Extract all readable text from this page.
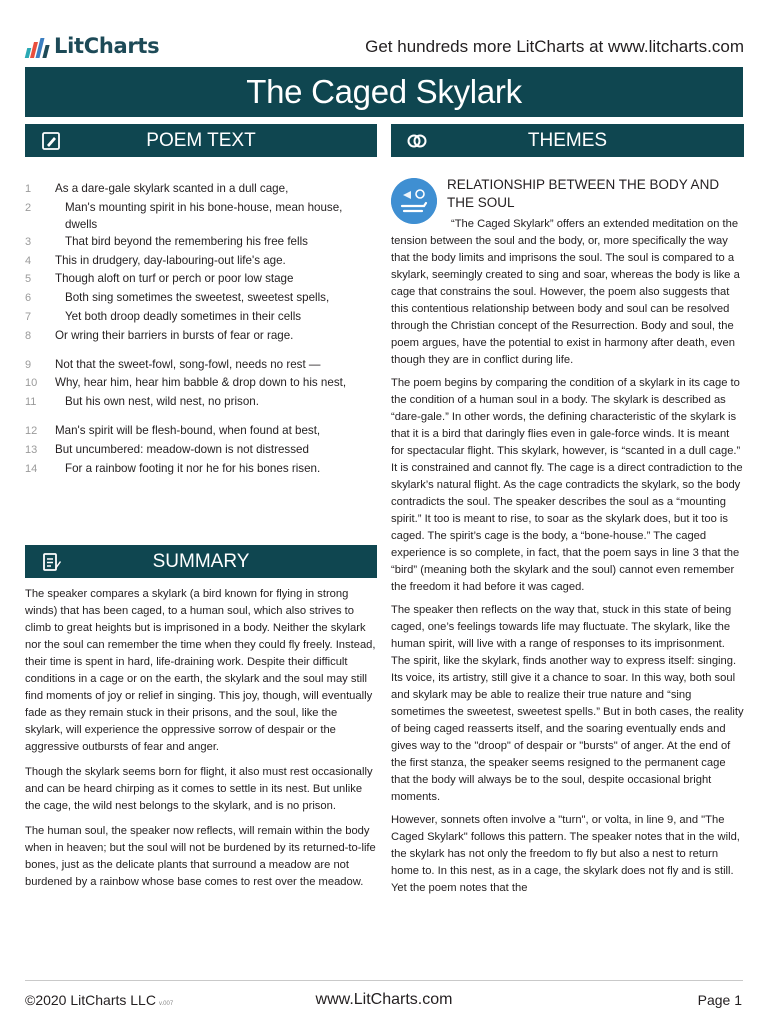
LitCharts	Get hundreds more LitCharts at www.litcharts.com
The Caged Skylark
POEM TEXT	THEMES
1	As a dare-gale skylark scanted in a dull cage,
2	Man's mounting spirit in his bone-house, mean house, dwells
3	That bird beyond the remembering his free fells
4	This in drudgery, day-labouring-out life's age.
5	Though aloft on turf or perch or poor low stage
6	Both sing sometimes the sweetest, sweetest spells,
7	Yet both droop deadly sometimes in their cells
8	Or wring their barriers in bursts of fear or rage.
9	Not that the sweet-fowl, song-fowl, needs no rest —
10	Why, hear him, hear him babble & drop down to his nest,
11	But his own nest, wild nest, no prison.
12	Man's spirit will be flesh-bound, when found at best,
13	But uncumbered: meadow-down is not distressed
14	For a rainbow footing it nor he for his bones risen.
SUMMARY

The speaker compares a skylark (a bird known for flying in strong winds) that has been caged, to a human soul, which also strives to climb to great heights but is imprisoned in a body. Neither the skylark nor the soul can remember the time when they could fly freely. Instead, their time is spent in hard, life-draining work. Despite their difficult conditions in a cage or on the earth, the skylark and the soul may still find moments of joy or relief in singing. This joy, though, will eventually fade as they remain stuck in their prisons, and the soul, like the skylark, will experience the oppressive sorrow of despair or the aggressive outbursts of fear and anger.

Though the skylark seems born for flight, it also must rest occasionally and can be heard chirping as it comes to settle in its nest. But unlike the cage, the wild nest belongs to the skylark, and is no prison.

The human soul, the speaker now reflects, will remain within the body when in heaven; but the soul will not be burdened by its returned-to-life bones, just as the delicate plants that surround a meadow are not burdened by a rainbow whose base comes to rest over the meadow.

RELATIONSHIP BETWEEN THE BODY AND THE SOUL

“The Caged Skylark” offers an extended meditation on the tension between the soul and the body, or, more specifically the way that the body limits and imprisons the soul. The soul is compared to a skylark, seemingly created to sing and soar, whereas the body is like a cage that constrains the soul. However, the poem also suggests that this contentious relationship between body and soul can be resolved through the Christian concept of the Resurrection. Body and soul, the poem argues, have the potential to exist in harmony after death, even though they are in conflict during life.

The poem begins by comparing the condition of a skylark in its cage to the condition of a human soul in a body. The skylark is described as “dare-gale.” In other words, the defining characteristic of the skylark is that it is a bird that daringly flies even in gale-force winds. It is meant for spectacular flight. This skylark, however, is “scanted in a dull cage.” It is constrained and cannot fly. The cage is a direct contradiction to the skylark’s natural flight. As the cage contradicts the skylark, so the body contradicts the soul. The speaker describes the soul as a “mounting spirit.” It too is meant to rise, to soar as the skylark does, but it too is caged. The spirit’s cage is the body, a “bone-house.” The caged experience is so complete, in fact, that the poem says in line 3 that the “bird” (meaning both the skylark and the soul) cannot even remember the freedom it had before it was caged.

The speaker then reflects on the way that, stuck in this state of being caged, one’s feelings towards life may fluctuate. The skylark, like the human spirit, will live with a range of responses to its imprisonment. The spirit, like the skylark, finds another way to express itself: singing. Its voice, its artistry, still give it a chance to soar. In this way, both soul and skylark may be able to realize their true nature and “sing sometimes the sweetest, sweetest spells.” But in both cases, the reality of being caged reasserts itself, and the soaring eventually ends and gives way to the "droop" of despair or "bursts" of anger. At the end of the first stanza, the speaker seems resigned to the permanent cage that the body will always be to the soul, despite occasional bright moments.

However, sonnets often involve a "turn", or volta, in line 9, and "The Caged Skylark" follows this pattern. The speaker notes that in the wild, the skylark has not only the freedom to fly but also a nest to return home to. In this nest, as in a cage, the skylark does not fly and is still. Yet the poem notes that the

©2020 LitCharts LLC v.007	www.LitCharts.com	Page 1
